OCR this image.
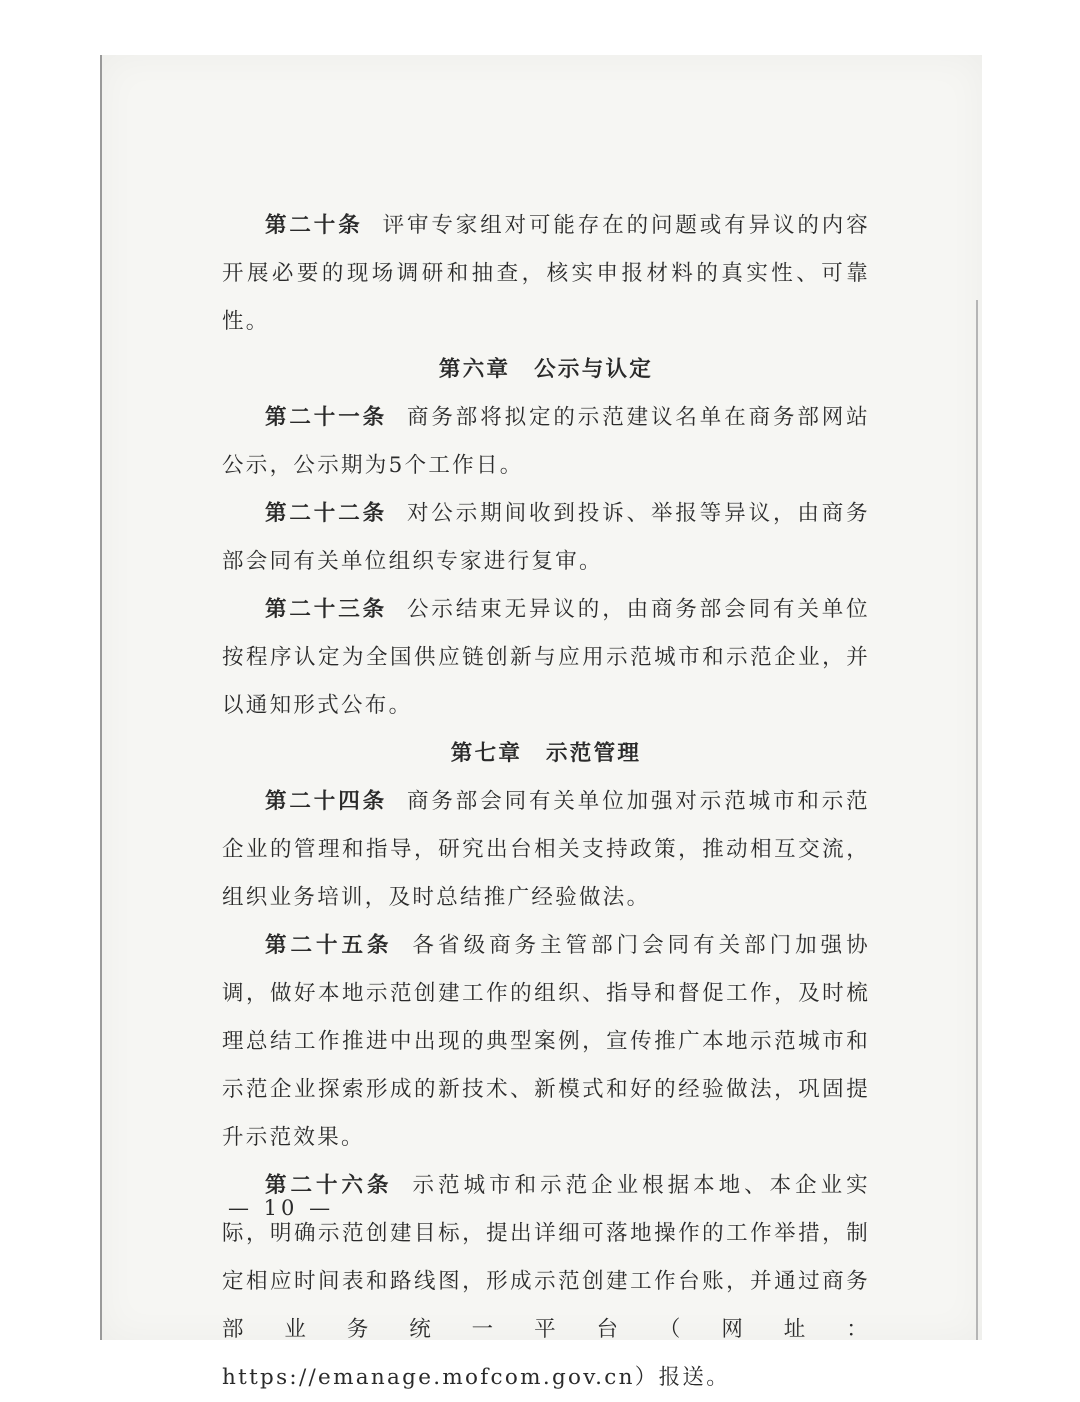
第二十条 评审专家组对可能存在的问题或有异议的内容开展必要的现场调研和抽查，核实申报材料的真实性、可靠性。

第六章　公示与认定

第二十一条 商务部将拟定的示范建议名单在商务部网站公示，公示期为5个工作日。

第二十二条 对公示期间收到投诉、举报等异议，由商务部会同有关单位组织专家进行复审。

第二十三条 公示结束无异议的，由商务部会同有关单位按程序认定为全国供应链创新与应用示范城市和示范企业，并以通知形式公布。

第七章　示范管理

第二十四条 商务部会同有关单位加强对示范城市和示范企业的管理和指导，研究出台相关支持政策，推动相互交流，组织业务培训，及时总结推广经验做法。

第二十五条 各省级商务主管部门会同有关部门加强协调，做好本地示范创建工作的组织、指导和督促工作，及时梳理总结工作推进中出现的典型案例，宣传推广本地示范城市和示范企业探索形成的新技术、新模式和好的经验做法，巩固提升示范效果。

第二十六条 示范城市和示范企业根据本地、本企业实际，明确示范创建目标，提出详细可落地操作的工作举措，制定相应时间表和路线图，形成示范创建工作台账，并通过商务部业务统一平台（网址：https://emanage.mofcom.gov.cn）报送。

— 10 —
